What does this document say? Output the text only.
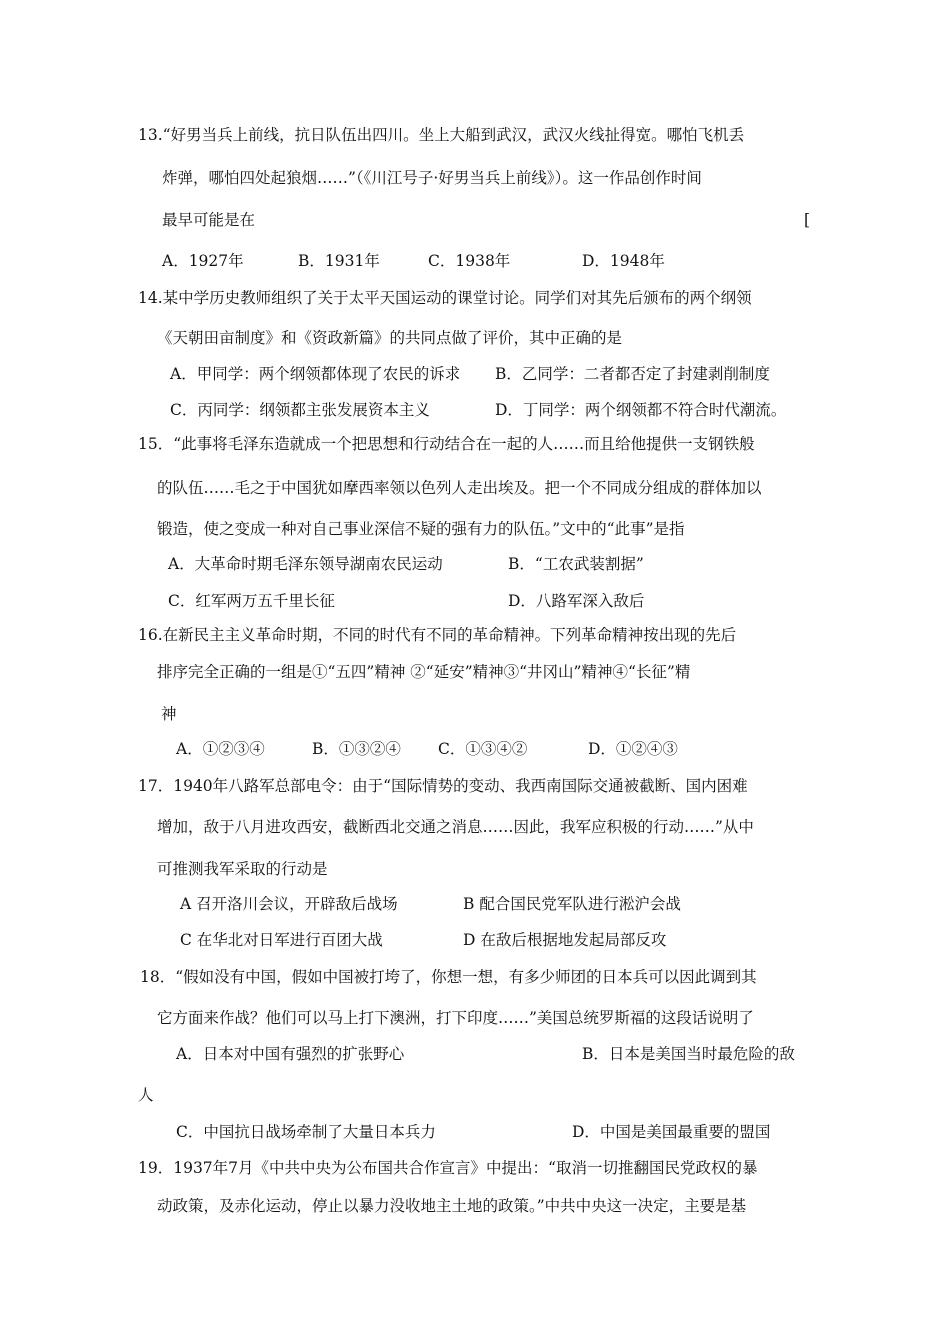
13.“好男当兵上前线，抗日队伍出四川。坐上大船到武汉，武汉火线扯得宽。哪怕飞机丢
炸弹，哪怕四处起狼烟……”（《川江号子·好男当兵上前线》）。这一作品创作时间
最早可能是在	[
A．1927年	B．1931年	C．1938年	D．1948年
14.某中学历史教师组织了关于太平天国运动的课堂讨论。同学们对其先后颁布的两个纲领
《天朝田亩制度》和《资政新篇》的共同点做了评价，其中正确的是
A．甲同学：两个纲领都体现了农民的诉求 B．乙同学：二者都否定了封建剥削制度
C．丙同学：纲领都主张发展资本主义	D．丁同学：两个纲领都不符合时代潮流。
15．“此事将毛泽东造就成一个把思想和行动结合在一起的人……而且给他提供一支钢铁般
的队伍……毛之于中国犹如摩西率领以色列人走出埃及。把一个不同成分组成的群体加以
锻造，使之变成一种对自己事业深信不疑的强有力的队伍。”文中的“此事”是指
A．大革命时期毛泽东领导湖南农民运动	B．“工农武装割据”
C．红军两万五千里长征	D．八路军深入敌后
16.在新民主主义革命时期，不同的时代有不同的革命精神。下列革命精神按出现的先后
排序完全正确的一组是①“五四”精神 ②“延安”精神③“井冈山”精神④“长征”精
神
A．①②③④	B．①③②④ C．①③④②	D．①②④③
17．1940年八路军总部电令：由于“国际情势的变动、我西南国际交通被截断、国内困难
增加，敌于八月进攻西安，截断西北交通之消息……因此，我军应积极的行动……”从中
可推测我军采取的行动是
A 召开洛川会议，开辟敌后战场	B 配合国民党军队进行淞沪会战
C 在华北对日军进行百团大战	D 在敌后根据地发起局部反攻
18．“假如没有中国，假如中国被打垮了，你想一想，有多少师团的日本兵可以因此调到其
它方面来作战？他们可以马上打下澳洲，打下印度……”美国总统罗斯福的这段话说明了
A．日本对中国有强烈的扩张野心	B．日本是美国当时最危险的敌
人
C．中国抗日战场牵制了大量日本兵力	D．中国是美国最重要的盟国
19．1937年7月《中共中央为公布国共合作宣言》中提出：“取消一切推翻国民党政权的暴
动政策，及赤化运动，停止以暴力没收地主土地的政策。”中共中央这一决定，主要是基
